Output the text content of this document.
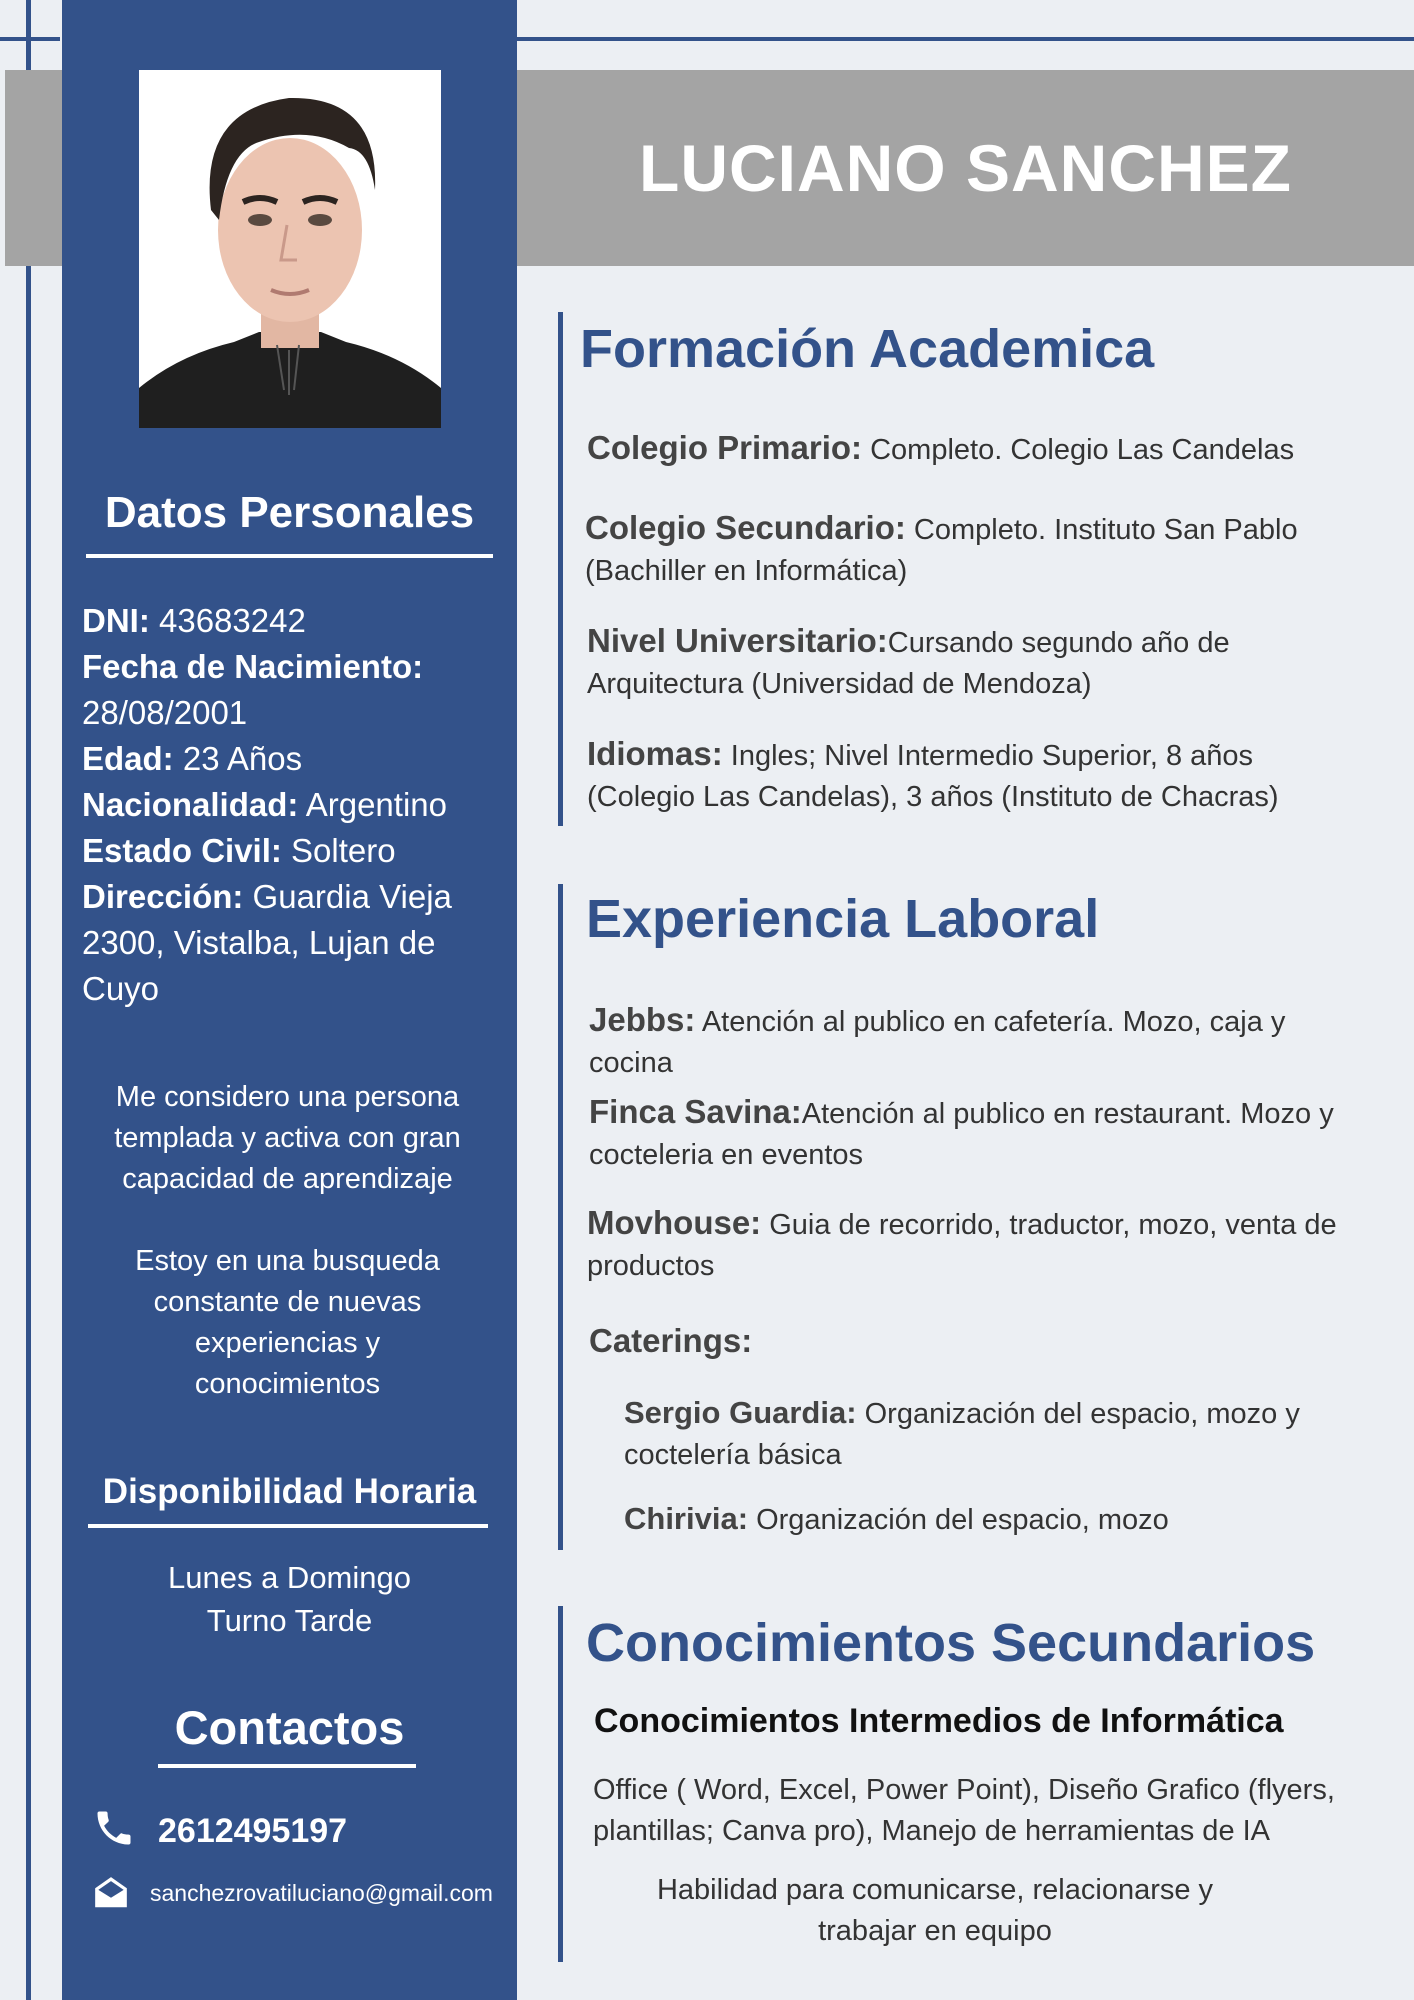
LUCIANO SANCHEZ
Datos Personales
DNI: 43683242
Fecha de Nacimiento:
28/08/2001
Edad: 23 Años
Nacionalidad: Argentino
Estado Civil: Soltero
Dirección: Guardia Vieja 2300, Vistalba, Lujan de Cuyo
Me considero una persona templada y activa con gran capacidad de aprendizaje
Estoy en una busqueda constante de nuevas experiencias y conocimientos
Disponibilidad Horaria
Lunes a Domingo
Turno Tarde
Contactos
2612495197
sanchezrovatiluciano@gmail.com
Formación Academica
Colegio Primario: Completo. Colegio Las Candelas
Colegio Secundario: Completo. Instituto San Pablo (Bachiller en Informática)
Nivel Universitario:Cursando segundo año de Arquitectura (Universidad de Mendoza)
Idiomas: Ingles; Nivel Intermedio Superior, 8 años (Colegio Las Candelas), 3 años (Instituto de Chacras)
Experiencia Laboral
Jebbs: Atención al publico en cafetería. Mozo, caja y cocina
Finca Savina:Atención al publico en restaurant. Mozo y cocteleria en eventos
Movhouse: Guia de recorrido, traductor, mozo, venta de productos
Caterings:
Sergio Guardia: Organización del espacio, mozo y coctelería básica
Chirivia: Organización del espacio, mozo
Conocimientos Secundarios
Conocimientos Intermedios de Informática
Office ( Word, Excel, Power Point), Diseño Grafico (flyers, plantillas; Canva pro), Manejo de herramientas de IA
Habilidad para comunicarse, relacionarse y trabajar en equipo
